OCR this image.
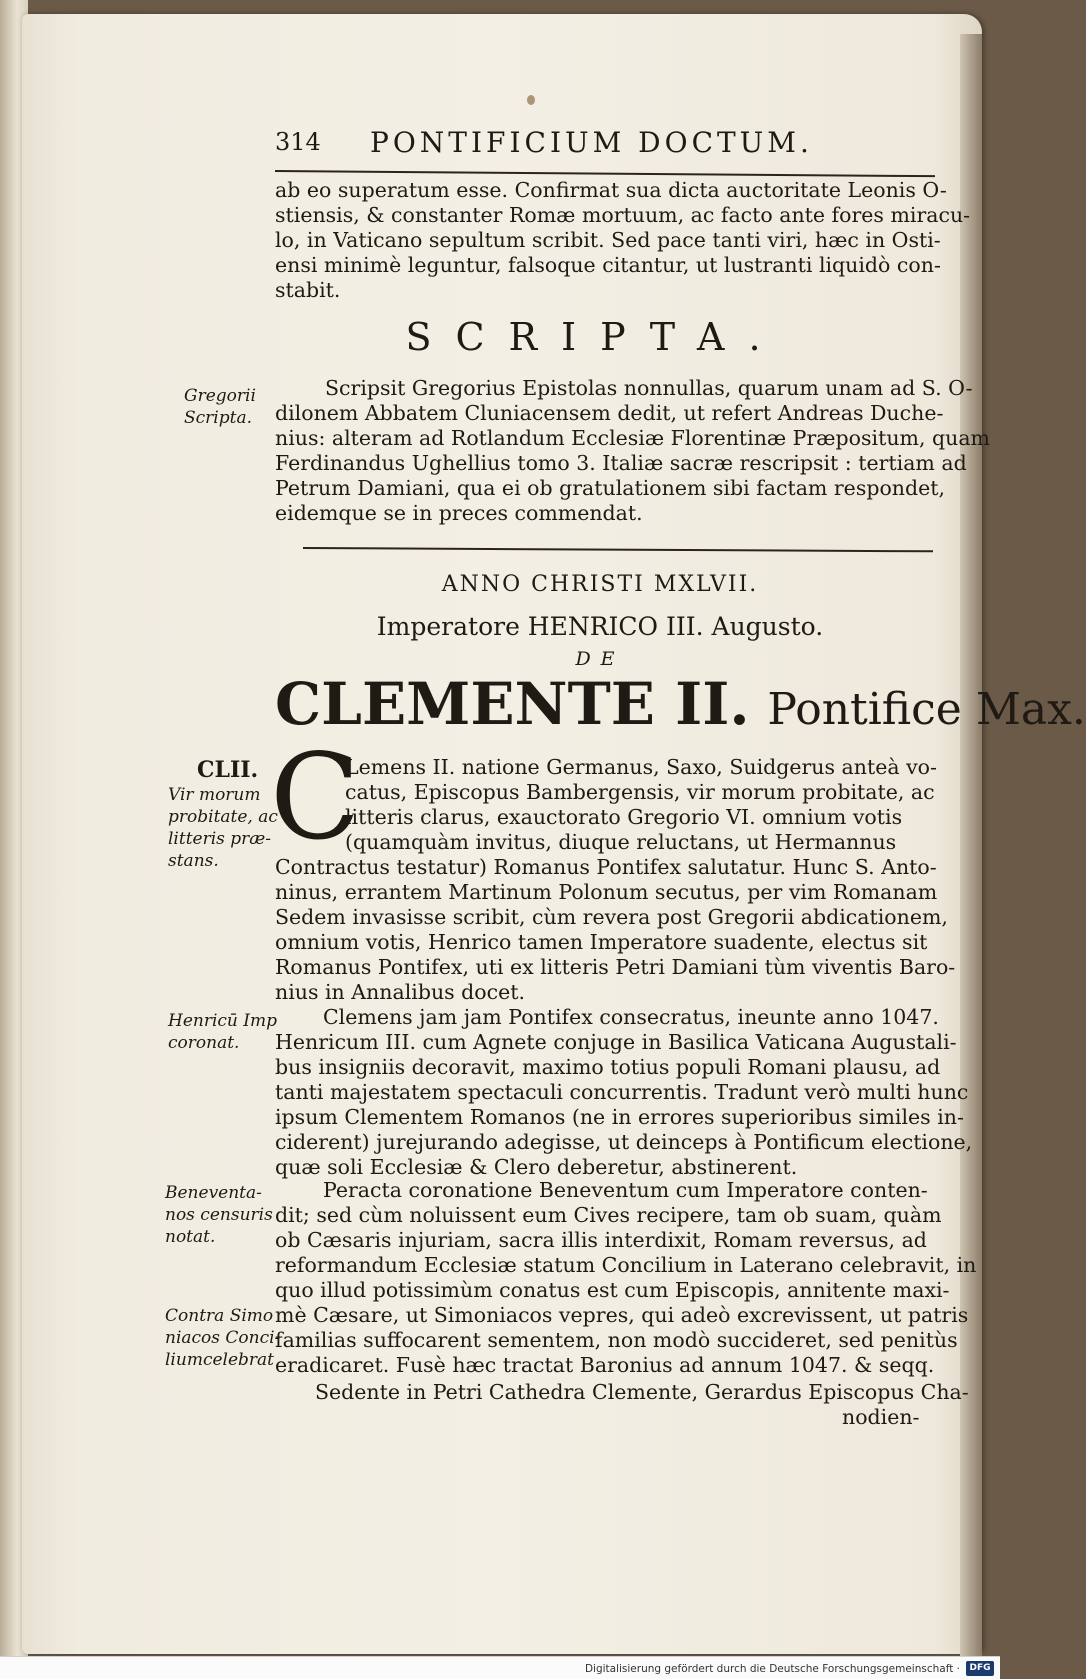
314 PONTIFICIUM DOCTUM.
ab eo superatum esse. Confirmat sua dicta auctoritate Leonis O-
stiensis, & constanter Romæ mortuum, ac facto ante fores miracu-
lo, in Vaticano sepultum scribit. Sed pace tanti viri, hæc in Osti-
ensi minimè leguntur, falsoque citantur, ut lustranti liquidò con-
stabit.
SCRIPTA.
Gregorii
Scripta.
Scripsit Gregorius Epistolas nonnullas, quarum unam ad S. O-
dilonem Abbatem Cluniacensem dedit, ut refert Andreas Duche-
nius: alteram ad Rotlandum Ecclesiæ Florentinæ Præpositum, quam
Ferdinandus Ughellius tomo 3. Italiæ sacræ rescripsit : tertiam ad
Petrum Damiani, qua ei ob gratulationem sibi factam respondet,
eidemque se in preces commendat.
ANNO CHRISTI MXLVII.
Imperatore HENRICO III. Augusto.
DE
CLEMENTE II. Pontifice Max.
CLII.
Vir morum
probitate, ac
litteris præ-
stans. C
Lemens II. natione Germanus, Saxo, Suidgerus anteà vo-
catus, Episcopus Bambergensis, vir morum probitate, ac
litteris clarus, exauctorato Gregorio VI. omnium votis
(quamquàm invitus, diuque reluctans, ut Hermannus
Contractus testatur) Romanus Pontifex salutatur. Hunc S. Anto-
ninus, errantem Martinum Polonum secutus, per vim Romanam
Sedem invasisse scribit, cùm revera post Gregorii abdicationem,
omnium votis, Henrico tamen Imperatore suadente, electus sit
Romanus Pontifex, uti ex litteris Petri Damiani tùm viventis Baro-
nius in Annalibus docet.
Henricū Imp
coronat.
Clemens jam jam Pontifex consecratus, ineunte anno 1047.
Henricum III. cum Agnete conjuge in Basilica Vaticana Augustali-
bus insigniis decoravit, maximo totius populi Romani plausu, ad
tanti majestatem spectaculi concurrentis. Tradunt verò multi hunc
ipsum Clementem Romanos (ne in errores superioribus similes in-
ciderent) jurejurando adegisse, ut deinceps à Pontificum electione,
quæ soli Ecclesiæ & Clero deberetur, abstinerent.
Beneventa-
nos censuris
notat.
Peracta coronatione Beneventum cum Imperatore conten-
dit; sed cùm noluissent eum Cives recipere, tam ob suam, quàm
ob Cæsaris injuriam, sacra illis interdixit, Romam reversus, ad
reformandum Ecclesiæ statum Concilium in Laterano celebravit, in
quo illud potissimùm conatus est cum Episcopis, annitente maxi-
mè Cæsare, ut Simoniacos vepres, qui adeò excrevissent, ut patris
familias suffocarent sementem, non modò succideret, sed penitùs
eradicaret. Fusè hæc tractat Baronius ad annum 1047. & seqq.
Contra Simo
niacos Conci-
liumcelebrat
Sedente in Petri Cathedra Clemente, Gerardus Episcopus Cha-
nodien-
Digitalisierung gefördert durch die Deutsche Forschungsgemeinschaft ·	DFG
